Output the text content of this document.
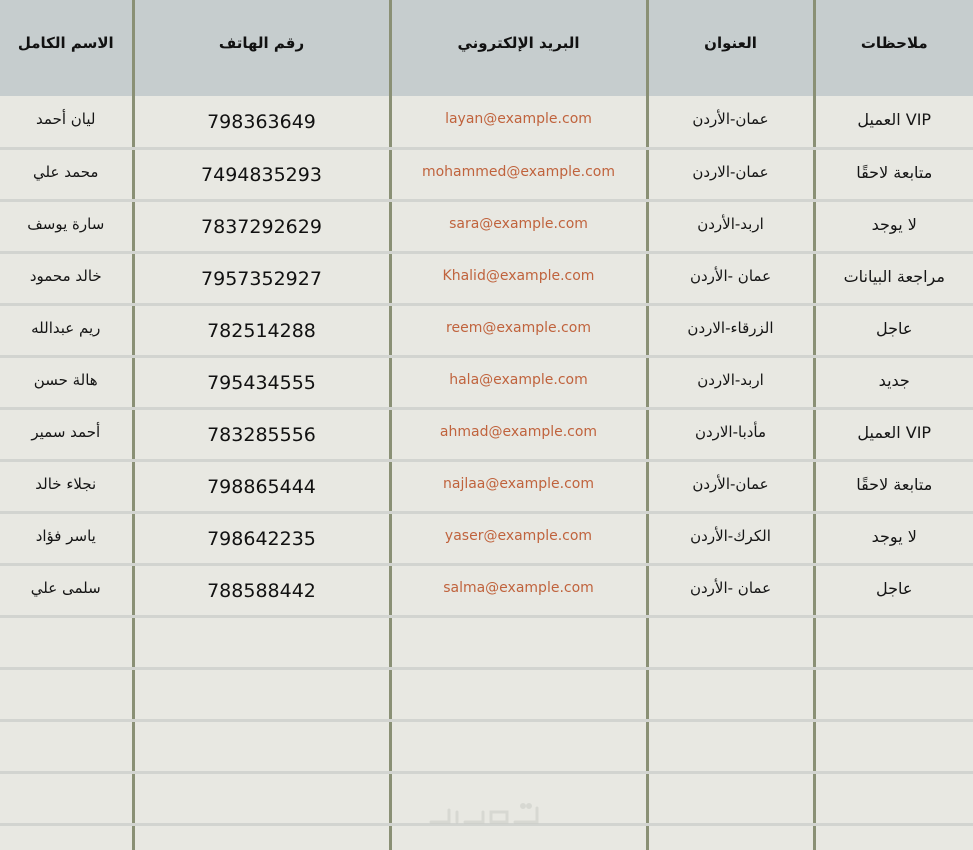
الاسم الكامل	رقم الهاتف	البريد الإلكتروني	العنوان	ملاحظات
ليان أحمد	798363649	layan@example.com	عمان-الأردن	العميل VIP
محمد علي	7494835293	mohammed@example.com	عمان-الاردن	متابعة لاحقًا
سارة يوسف	7837292629	sara@example.com	اربد-الأردن	لا يوجد
خالد محمود	7957352927	Khalid@example.com	عمان -الأردن	مراجعة البيانات
ريم عبدالله	782514288	reem@example.com	الزرقاء-الاردن	عاجل
هالة حسن	795434555	hala@example.com	اربد-الاردن	جديد
أحمد سمير	783285556	ahmad@example.com	مأدبا-الاردن	العميل VIP
نجلاء خالد	798865444	najlaa@example.com	عمان-الأردن	متابعة لاحقًا
ياسر فؤاد	798642235	yaser@example.com	الكرك-الأردن	لا يوجد
سلمى علي	788588442	salma@example.com	عمان -الأردن	عاجل
